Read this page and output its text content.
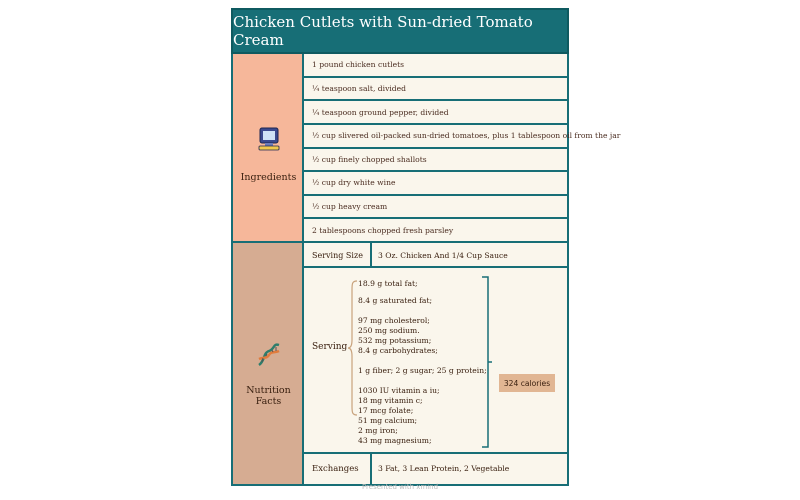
Chicken Cutlets with Sun-dried Tomato Cream
Ingredients
1 pound chicken cutlets
¼ teaspoon salt, divided
¼ teaspoon ground pepper, divided
½ cup slivered oil-packed sun-dried tomatoes, plus 1 tablespoon oil from the jar
½ cup finely chopped shallots
½ cup dry white wine
½ cup heavy cream
2 tablespoons chopped fresh parsley
Nutrition Facts
Serving Size 3 Oz. Chicken And 1/4 Cup Sauce
Serving
18.9 g total fat;
8.4 g saturated fat;
97 mg cholesterol;
250 mg sodium.
532 mg potassium;
8.4 g carbohydrates;
1 g fiber; 2 g sugar; 25 g protein;
1030 IU vitamin a iu;
18 mg vitamin c;
17 mcg folate;
51 mg calcium;
2 mg iron;
43 mg magnesium;
324 calories
Exchanges	3 Fat, 3 Lean Protein, 2 Vegetable
Presented with xmind
